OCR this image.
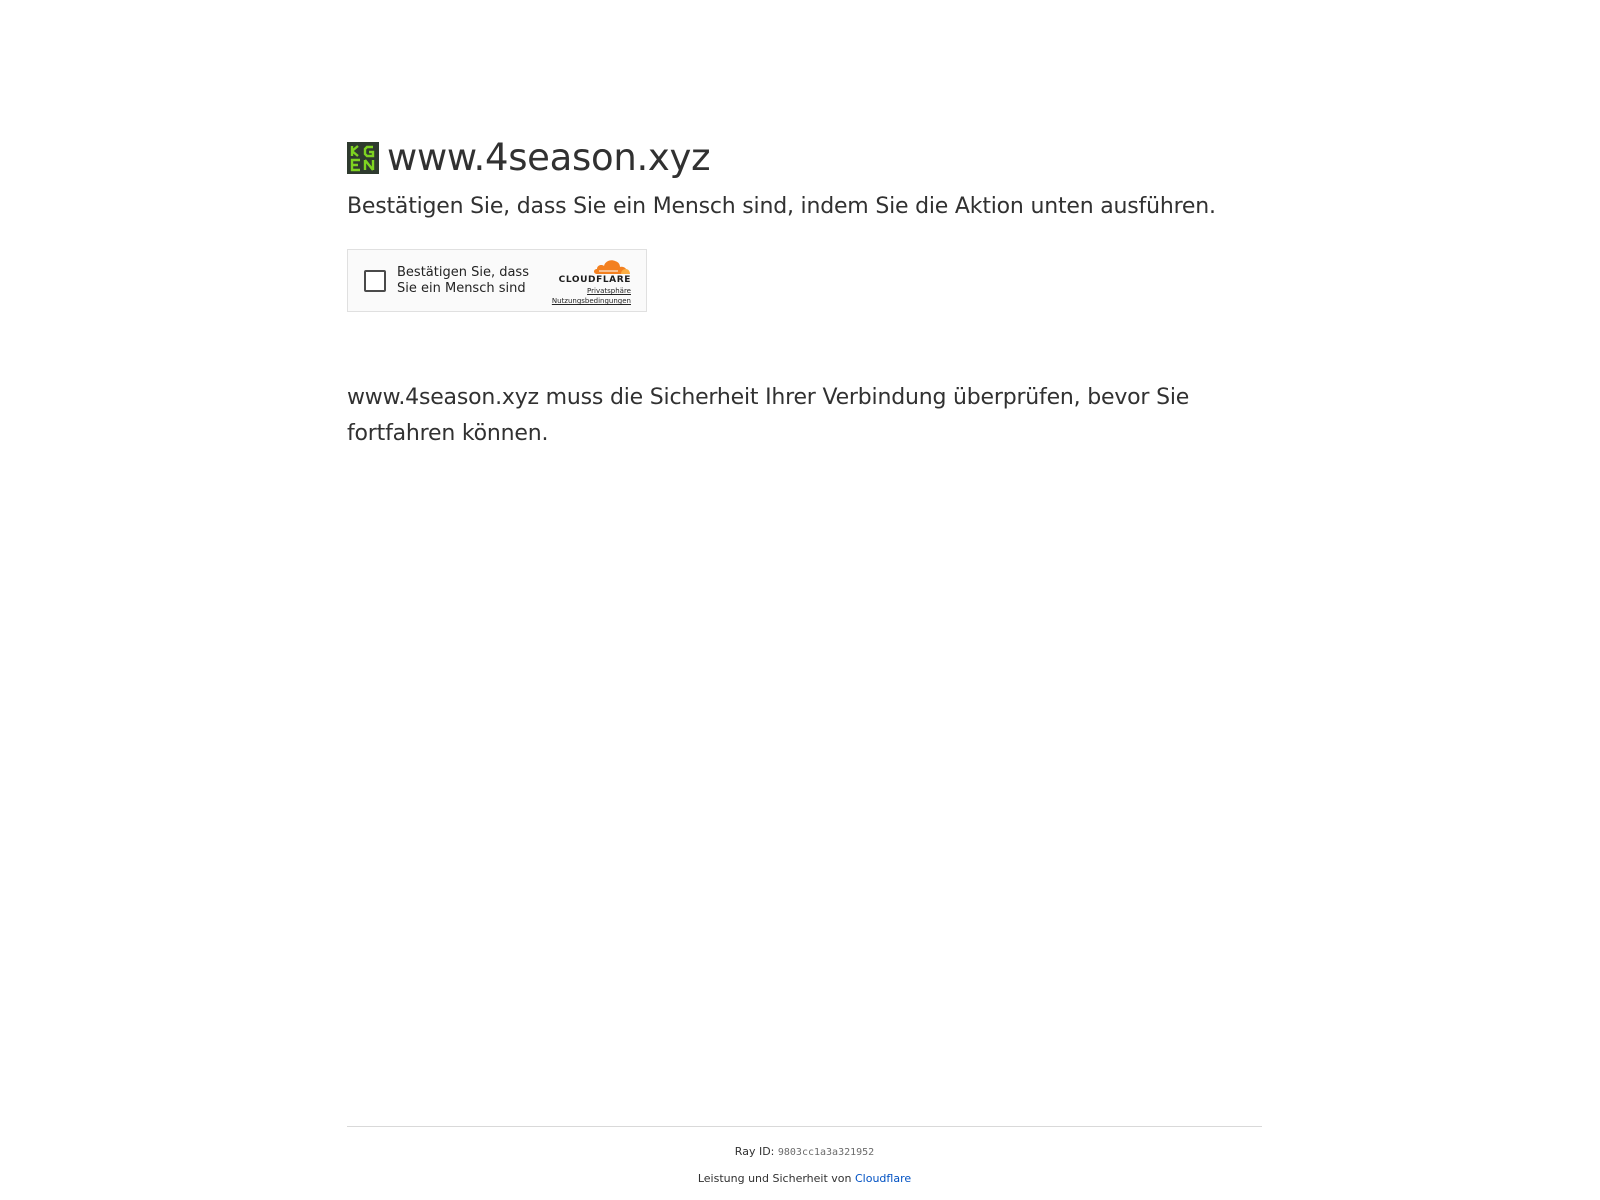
www.4season.xyz
Bestätigen Sie, dass Sie ein Mensch sind, indem Sie die Aktion unten ausführen.
Bestätigen Sie, dass Sie ein Mensch sind
CLOUDFLARE
Privatsphäre
Nutzungsbedingungen
www.4season.xyz muss die Sicherheit Ihrer Verbindung überprüfen, bevor Sie fortfahren können.
Ray ID: 9803cc1a3a321952
Leistung und Sicherheit von Cloudflare
